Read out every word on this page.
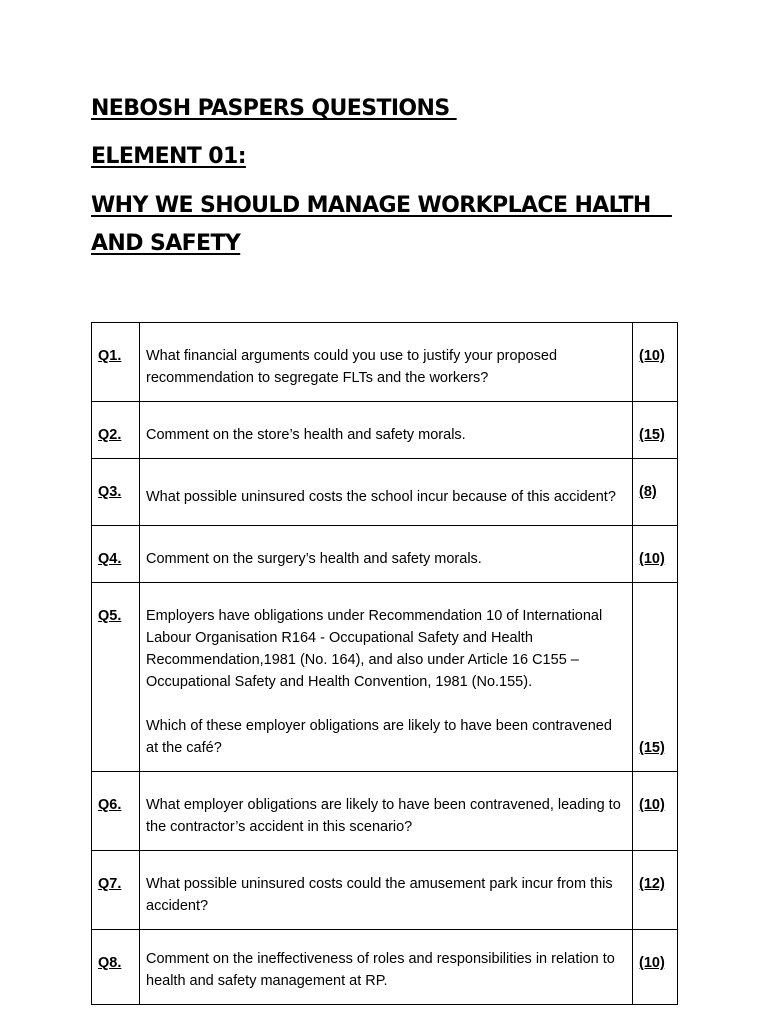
NEBOSH PASPERS QUESTIONS
ELEMENT 01:
WHY WE SHOULD MANAGE WORKPLACE HALTH
AND SAFETY
Q1.	What financial arguments could you use to justify your proposed recommendation to segregate FLTs and the workers?	(10)
Q2.	Comment on the store’s health and safety morals.	(15)
Q3.	What possible uninsured costs the school incur because of this accident?	(8)
Q4.	Comment on the surgery’s health and safety morals.	(10)
Q5.	Employers have obligations under Recommendation 10 of International Labour Organisation R164 - Occupational Safety and Health Recommendation,1981 (No. 164), and also under Article 16 C155 – Occupational Safety and Health Convention, 1981 (No.155).
Which of these employer obligations are likely to have been contravened at the café?	(15)
Q6.	What employer obligations are likely to have been contravened, leading to the contractor’s accident in this scenario?	(10)
Q7.	What possible uninsured costs could the amusement park incur from this accident?	(12)
Q8.	Comment on the ineffectiveness of roles and responsibilities in relation to health and safety management at RP.	(10)
